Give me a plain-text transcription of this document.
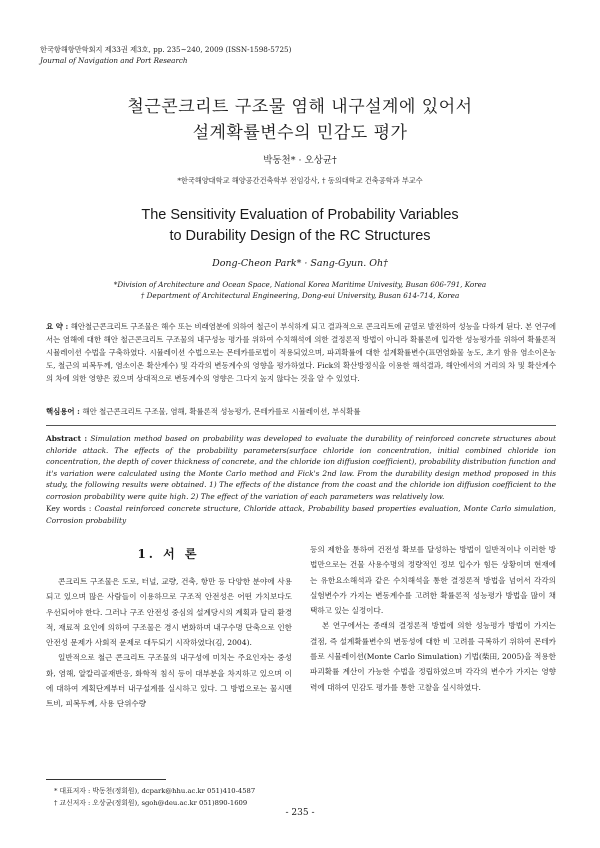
한국항해항만학회지 제33권 제3호, pp. 235~240, 2009 (ISSN-1598-5725)
Journal of Navigation and Port Research
철근콘크리트 구조물 염해 내구설계에 있어서
설계확률변수의 민감도 평가
박동천* · 오상균†
*한국해양대학교 해양공간건축학부 전임강사, † 동의대학교 건축공학과 부교수
The Sensitivity Evaluation of Probability Variables
to Durability Design of the RC Structures
Dong-Cheon Park* · Sang-Gyun. Oh†
*Division of Architecture and Ocean Space, National Korea Maritime Univesity, Busan 606-791, Korea
† Department of Architectural Engineering, Dong-eui University, Busan 614-714, Korea
요 약 : 해안철근콘크리트 구조물은 해수 또는 비래염분에 의하여 철근이 부식하게 되고 결과적으로 콘크리트에 균열로 발전하여 성능을 다하게 된다. 본 연구에서는 염해에 대한 해안 철근콘크리트 구조물의 내구성능 평가를 위하여 수치해석에 의한 결정론적 방법이 아니라 확률론에 입각한 성능평가를 위하여 확률론적 시뮬레이션 수법을 구축하였다. 시뮬레이션 수법으로는 몬테카를로법이 적용되었으며, 파괴확률에 대한 설계확률변수(표면염화물 농도, 초기 함유 염소이온농도, 철근의 피복두께, 염소이온 확산계수) 및 각각의 변동계수의 영향을 평가하였다. Fick의 확산방정식을 이용한 해석결과, 해안에서의 거리의 차 및 확산계수의 차에 의한 영향은 컸으며 상대적으로 변동계수의 영향은 그다지 높지 않다는 것을 알 수 있었다.
핵심용어 : 해안 철근콘크리트 구조물, 염해, 확률론적 성능평가, 몬테카를로 시뮬레이션, 부식확률
Abstract : Simulation method based on probability was developed to evaluate the durability of reinforced concrete structures about chloride attack. The effects of the probability parameters(surface chloride ion concentration, initial combined chloride ion concentration, the depth of cover thickness of concrete, and the chloride ion diffusion coefficient), probability distribution function and it's variation were calculated using the Monte Carlo method and Fick's 2nd law. From the durability design method proposed in this study, the following results were obtained. 1) The effects of the distance from the coast and the chloride ion diffusion coefficient to the corrosion probability were quite high. 2) The effect of the variation of each parameters was relatively low.
Key words : Coastal reinforced concrete structure, Chloride attack, Probability based properties evaluation, Monte Carlo simulation, Corrosion probability
1. 서 론

콘크리트 구조물은 도로, 터널, 교량, 건축, 항만 등 다양한 분야에 사용되고 있으며 많은 사람들이 이용하므로 구조적 안전성은 어떤 가치보다도 우선되어야 한다. 그러나 구조 안전성 중심의 설계당시의 계획과 달리 환경적, 재료적 요인에 의하여 구조물은 경시 변화하며 내구수명 단축으로 인한 안전성 문제가 사회적 문제로 대두되기 시작하였다(김, 2004).

일반적으로 철근 콘크리트 구조물의 내구성에 미치는 주요인자는 중성화, 염해, 알칼리골재반응, 화학적 침식 등이 대부분을 차지하고 있으며 이에 대하여 계획단계부터 내구설계를 실시하고 있다. 그 방법으로는 물시멘트비, 피복두께, 사용 단위수량

등의 제한을 통하여 건전성 확보를 달성하는 방법이 일반적이나 이러한 방법만으로는 건물 사용수명의 정량적인 정보 입수가 힘든 상황이며 현재에는 유한요소해석과 같은 수치해석을 통한 결정론적 방법을 넘어서 각각의 실험변수가 가지는 변동계수를 고려한 확률론적 성능평가 방법을 많이 채택하고 있는 실정이다.

본 연구에서는 종래의 결정론적 방법에 의한 성능평가 방법이 가지는 결점, 즉 설계확률변수의 변동성에 대한 비 고려를 극복하기 위하여 몬테카를로 시뮬레이션(Monte Carlo Simulation) 기법(柴田, 2005)을 적용한 파괴확률 계산이 가능한 수법을 정립하였으며 각각의 변수가 가지는 영향력에 대하여 민감도 평가를 통한 고찰을 실시하였다.

* 대표저자 : 박동천(정회원), dcpark@hhu.ac.kr 051)410-4587
† 교신저자 : 오상균(정회원), sgoh@deu.ac.kr 051)890-1609
- 235 -
